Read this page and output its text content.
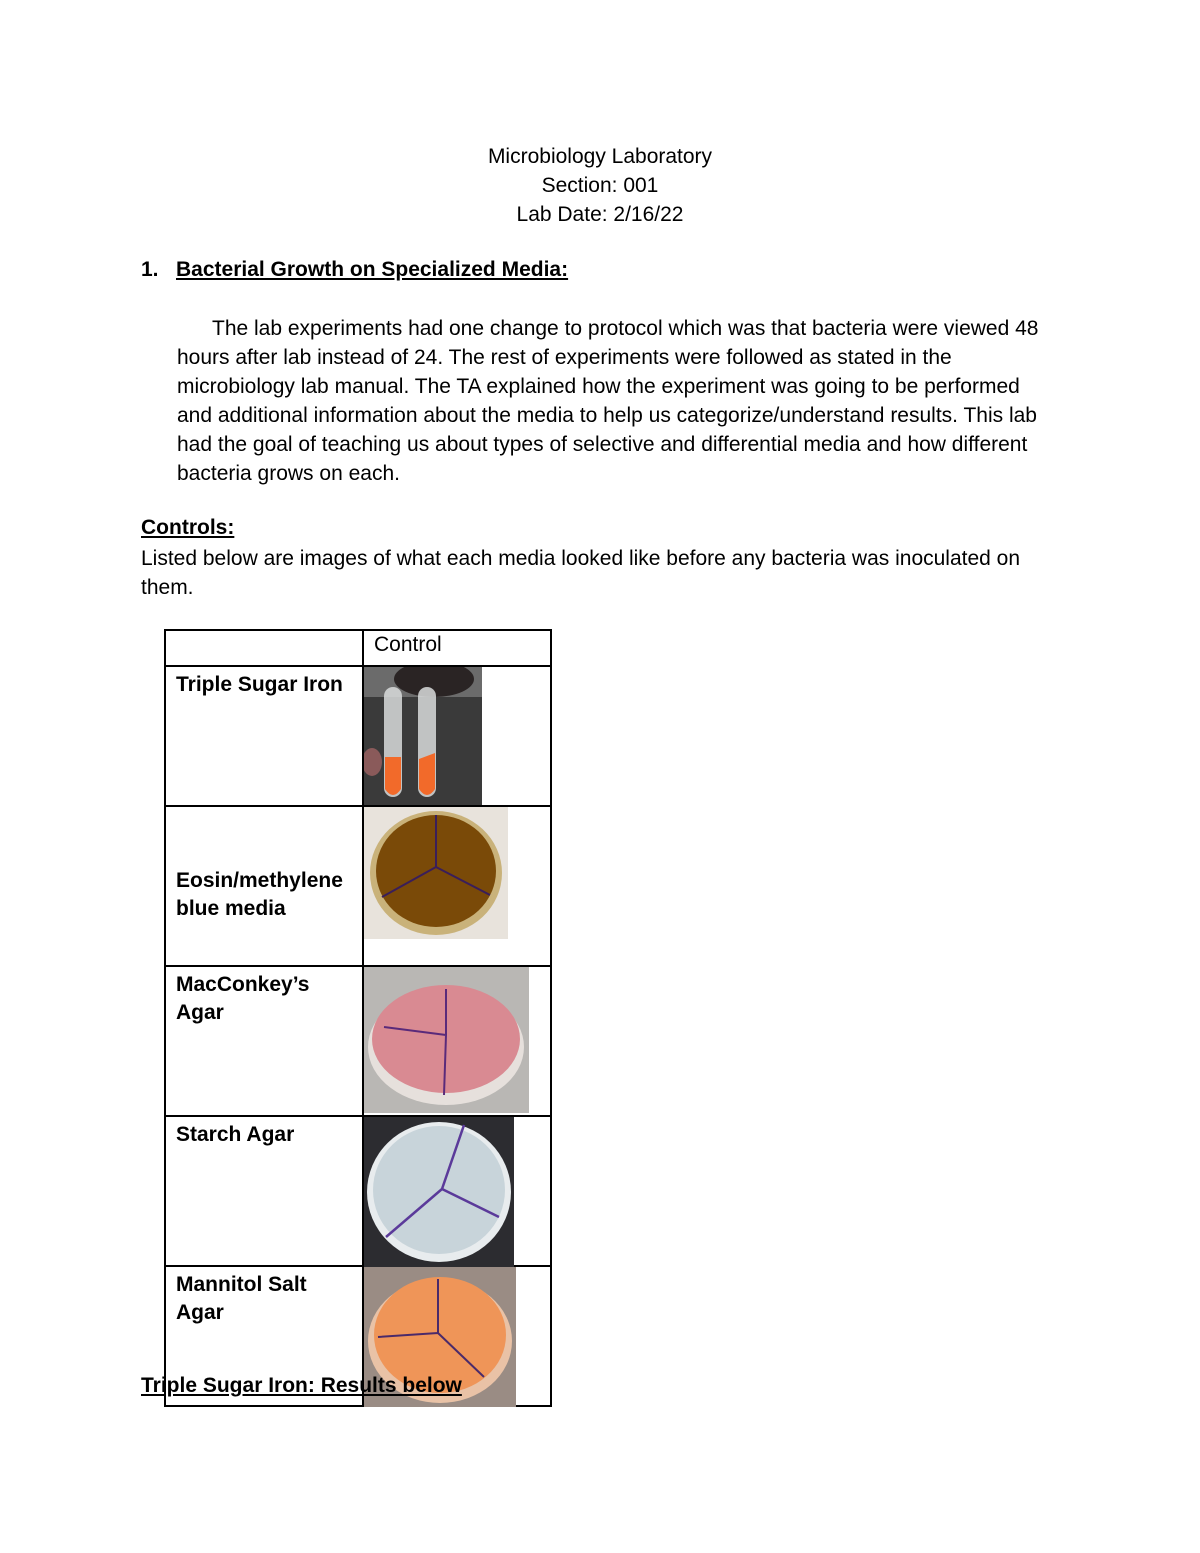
Microbiology Laboratory
Section: 001
Lab Date: 2/16/22
1. Bacterial Growth on Specialized Media:
The lab experiments had one change to protocol which was that bacteria were viewed 48 hours after lab instead of 24. The rest of experiments were followed as stated in the microbiology lab manual. The TA explained how the experiment was going to be performed and additional information about the media to help us categorize/understand results. This lab had the goal of teaching us about types of selective and differential media and how different bacteria grows on each.
Controls:
Listed below are images of what each media looked like before any bacteria was inoculated on them.
	Control
Triple Sugar Iron	

Eosin/methylene blue media

MacConkey’s Agar	

Starch Agar	

Mannitol Salt Agar	
Triple Sugar Iron: Results below
